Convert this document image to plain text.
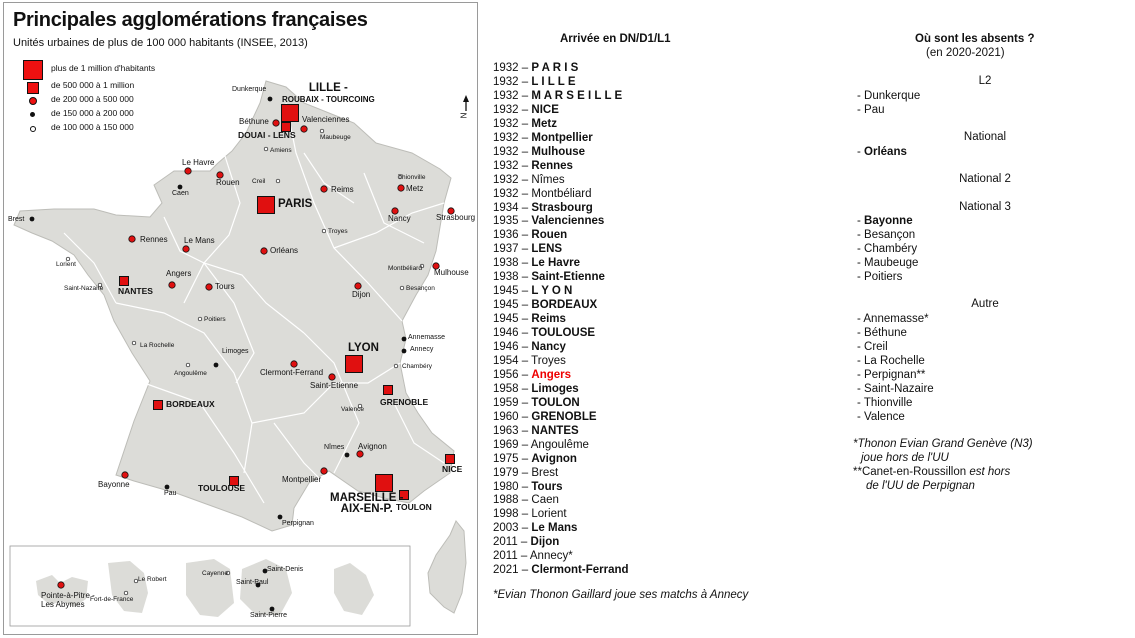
Principales agglomérations françaises
Unités urbaines de plus de 100 000 habitants (INSEE, 2013)
plus de 1 million d'habitants
de 500 000 à 1 million
de 200 000 à 500 000
de 150 000 à 200 000
de 100 000 à 150 000
N
PARIS
LILLE -
ROUBAIX - TOURCOING
LYON
MARSEILLE -
AIX-EN-P.
DOUAI - LENS
NANTES
BORDEAUX
TOULOUSE
TOULON
NICE
GRENOBLE
Béthune	Valenciennes
Le Havre
Rouen
Reims	Metz
Nancy	Strasbourg
Rennes Le Mans
Orléans
Angers
Tours
Dijon
Mulhouse
Clermont-Ferrand
Saint-Etienne
Avignon
Montpellier
Bayonne
Pointe-à-Pitre -
Les Abymes
Dunkerque
Caen
Brest
Limoges
Annemasse
Annecy
Nîmes
Pau
Perpignan
Saint-Denis
Saint-Paul
Saint-Pierre
Maubeuge
Amiens
Creil
Thionville
Troyes
Lorient
Saint-Nazaire
Montbéliard
Besançon
Poitiers
La Rochelle
Angoulême
Chambéry
Valence
Le Robert
Fort-de-France
Cayenne
Arrivée en DN/D1/L1	Où sont les absents ?
(en 2020-2021)
1932 – P A R I S
1932 – L I L L E
1932 – M A R S E I L L E
1932 – NICE
1932 – Metz
1932 – Montpellier
1932 – Mulhouse
1932 – Rennes
1932 – Nîmes
1932 – Montbéliard
1934 – Strasbourg
1935 – Valenciennes
1936 – Rouen
1937 – LENS
1938 – Le Havre
1938 – Saint-Etienne
1945 – L Y O N
1945 – BORDEAUX
1945 – Reims
1946 – TOULOUSE
1946 – Nancy
1954 – Troyes
1956 – Angers
1958 – Limoges
1959 – TOULON
1960 – GRENOBLE
1963 – NANTES
1969 – Angoulême
1975 – Avignon
1979 – Brest
1980 – Tours
1988 – Caen
1998 – Lorient
2003 – Le Mans
2011 – Dijon
2011 – Annecy*
2021 – Clermont-Ferrand
*Evian Thonon Gaillard joue ses matchs à Annecy
L2
- Dunkerque
- Pau
National
- Orléans
National 2
National 3
- Bayonne
- Besançon
- Chambéry
- Maubeuge
- Poitiers
Autre
- Annemasse*
- Béthune
- Creil
- La Rochelle
- Perpignan**
- Saint-Nazaire
- Thionville
- Valence
*Thonon Evian Grand Genève (N3)
joue hors de l'UU
**Canet-en-Roussillon est hors
de l'UU de Perpignan
